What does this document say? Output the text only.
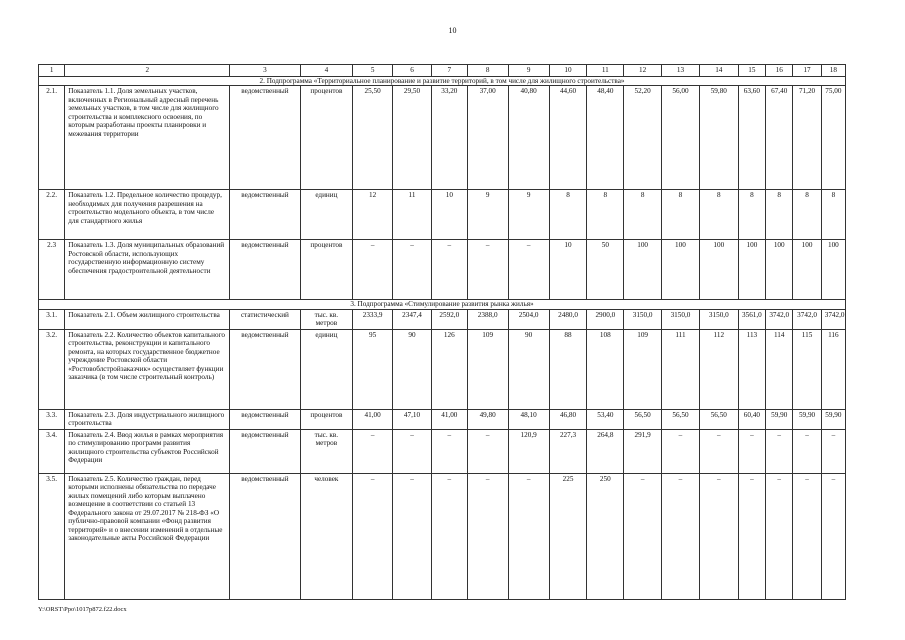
10
1	2	3	4	5	6	7	8	9	10	11	12	13	14	15	16	17	18
2. Подпрограмма «Территориальное планирование и развитие территорий, в том числе для жилищного строительства»																	
2.1.	Показатель 1.1. Доля земельных участков, включенных в Региональный адресный перечень земельных участков, в том числе для жилищного строительства и комплексного освоения, по которым разработаны проекты планировки и межевания территории	ведомственный	процентов	25,50	29,50	33,20	37,00	40,80	44,60	48,40	52,20	56,00	59,80	63,60	67,40	71,20	75,00
2.2.	Показатель 1.2. Предельное количество процедур, необходимых для получения разрешения на строительство модельного объекта, в том числе для стандартного жилья	ведомственный	единиц	12	11	10	9	9	8	8	8	8	8	8	8	8	8
2.3	Показатель 1.3. Доля муниципальных образований Ростовской области, использующих государственную информационную систему обеспечения градостроительной деятельности	ведомственный	процентов	–	–	–	–	–	10	50	100	100	100	100	100	100	100
3. Подпрограмма «Стимулирование развития рынка жилья»																	
3.1.	Показатель 2.1. Объем жилищного строительства	статистический	тыс. кв. метров	2333,9	2347,4	2592,0	2388,0	2504,0	2480,0	2900,0	3150,0	3150,0	3150,0	3561,0	3742,0	3742,0	3742,0
3.2.	Показатель 2.2. Количество объектов капитального строительства, реконструкции и капитального ремонта, на которых государственное бюджетное учреждение Ростовской области «Ростовоблстройзаказчик» осуществляет функции заказчика (в том числе строительный контроль)	ведомственный	единиц	95	90	126	109	90	88	108	109	111	112	113	114	115	116
3.3.	Показатель 2.3. Доля индустриального жилищного строительства	ведомственный	процентов	41,00	47,10	41,00	49,80	48,10	46,80	53,40	56,50	56,50	56,50	60,40	59,90	59,90	59,90
3.4.	Показатель 2.4. Ввод жилья в рамках мероприятия по стимулированию программ развития жилищного строительства субъектов Российской Федерации	ведомственный	тыс. кв. метров	–	–	–	–	120,9	227,3	264,8	291,9	–	–	–	–	–	–
3.5.	Показатель 2.5. Количество граждан, перед которыми исполнены обязательства по передаче жилых помещений либо которым выплачено возмещение в соответствии со статьей 13 Федерального закона от 29.07.2017 № 218-ФЗ «О публично-правовой компании «Фонд развития территорий» и о внесении изменений в отдельные законодательные акты Российской Федерации	ведомственный	человек	–	–	–	–	–	225	250	–	–	–	–	–	–	–
Y:\ORST\Ppo\1017p872.f22.docx
